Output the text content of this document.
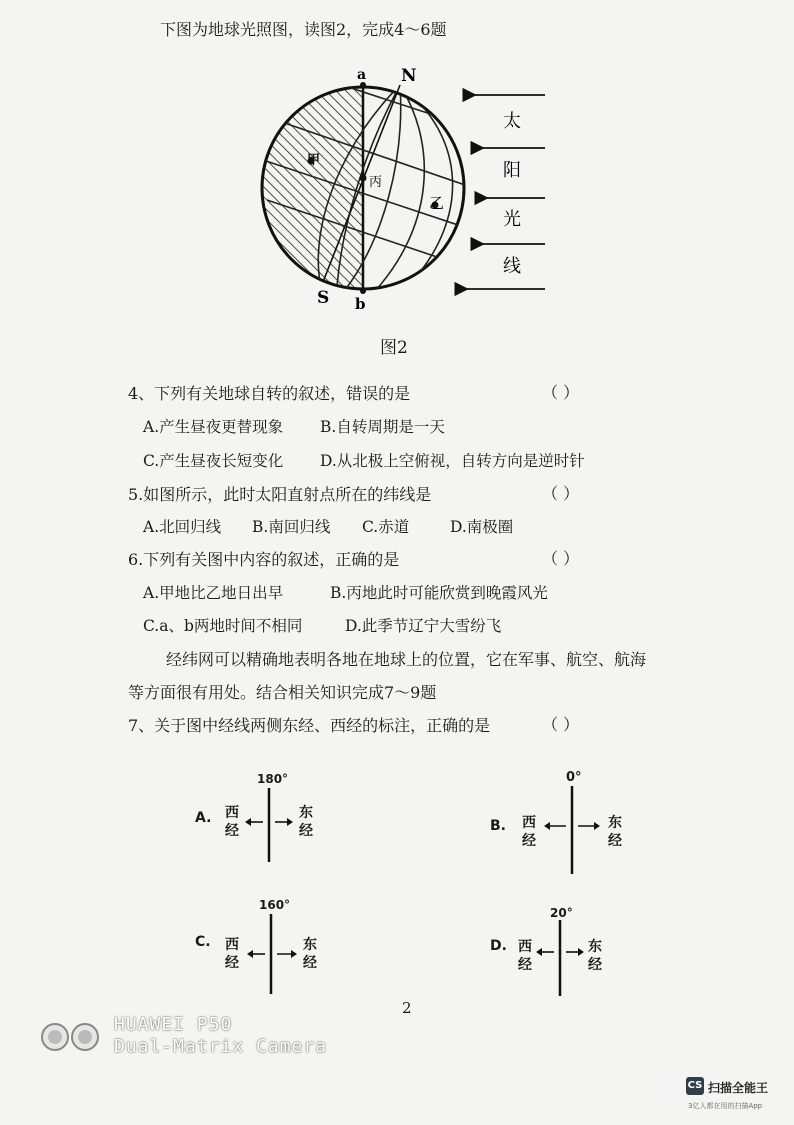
下图为地球光照图，读图2，完成4～6题
a N
S b
甲
丙
乙
太
阳
光
线
图2
4、下列有关地球自转的叙述，错误的是	（ ）
A.产生昼夜更替现象 B.自转周期是一天
C.产生昼夜长短变化 D.从北极上空俯视，自转方向是逆时针
5.如图所示，此时太阳直射点所在的纬线是	（ ）
A.北回归线 B.南回归线 C.赤道	D.南极圈
6.下列有关图中内容的叙述，正确的是	（ ）
A.甲地比乙地日出早	B.丙地此时可能欣赏到晚霞风光
C.a、b两地时间不相同	D.此季节辽宁大雪纷飞
经纬网可以精确地表明各地在地球上的位置，它在军事、航空、航海
等方面很有用处。结合相关知识完成7～9题
7、关于图中经线两侧东经、西经的标注，正确的是	（ ）
A.
180°
西
经
东
经	B.
0°
西
经
东
经
C.
160°
西
经
东
经
D.
20°
西
经
东
经
2
HUAWEI P50
Dual-Matrix Camera
CS 扫描全能王
3亿人都在用的扫描App
